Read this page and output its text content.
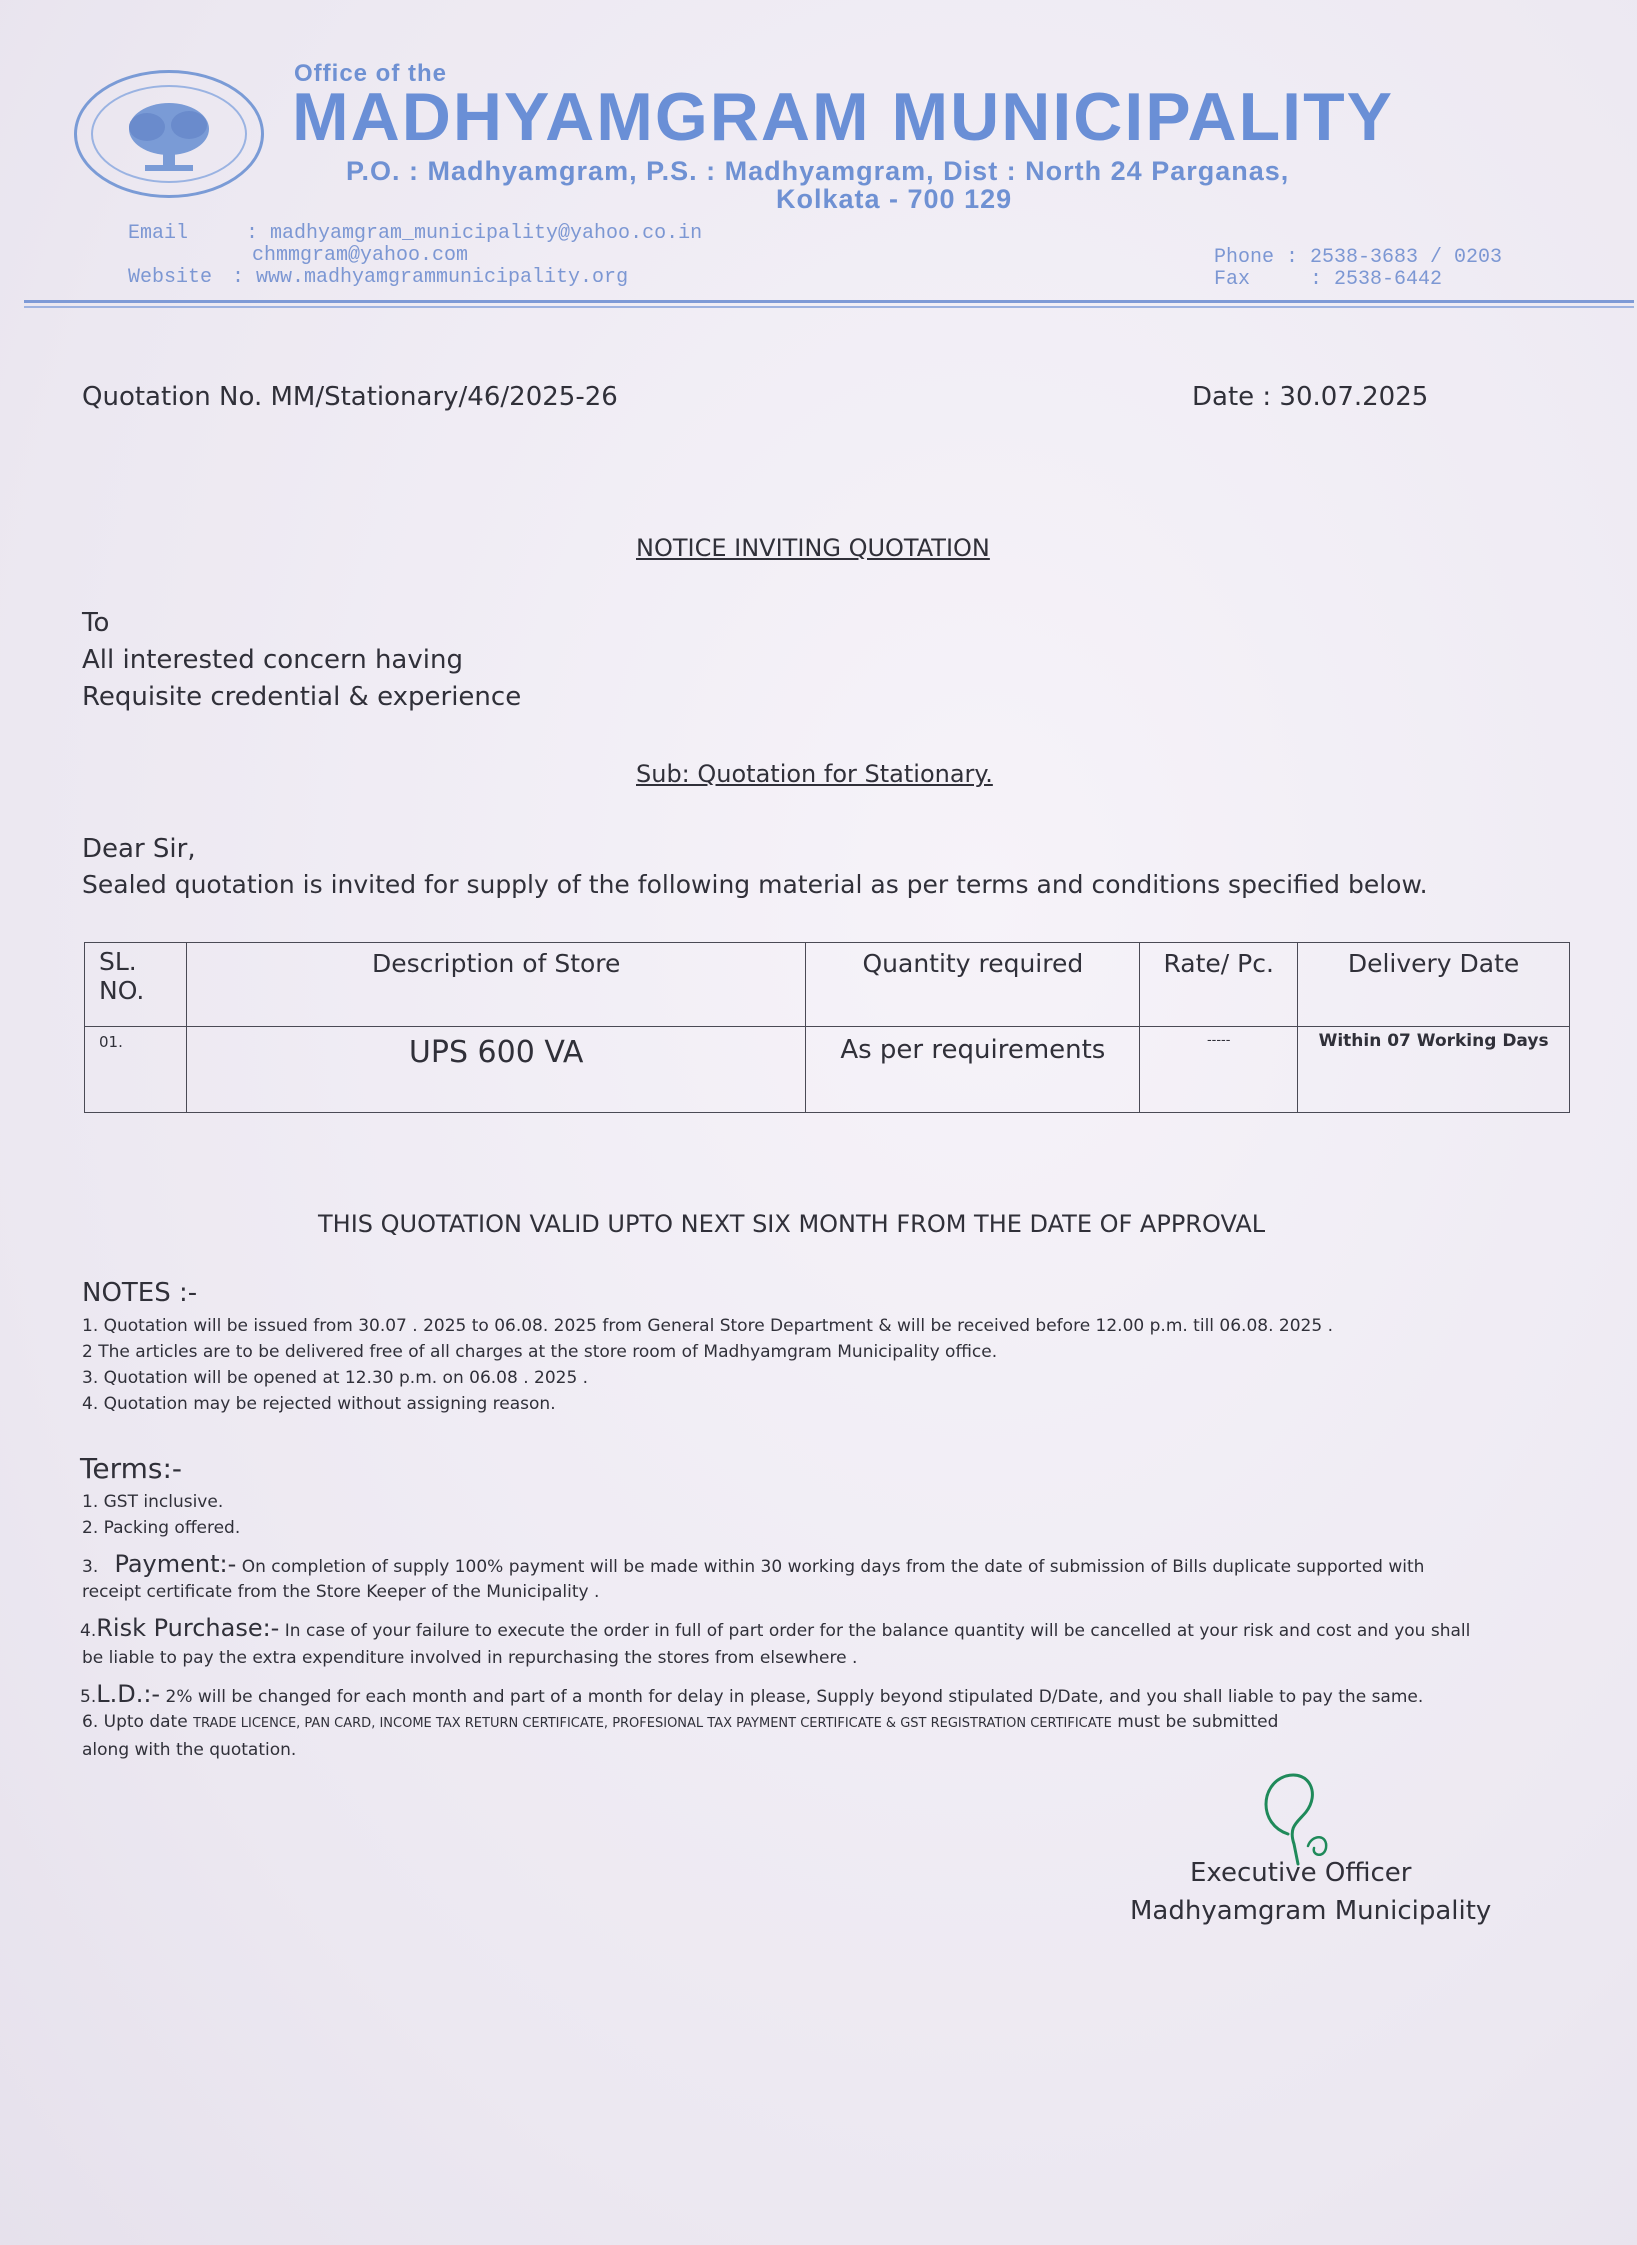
Office of the
MADHYAMGRAM MUNICIPALITY
P.O. : Madhyamgram, P.S. : Madhyamgram, Dist : North 24 Parganas,
Kolkata - 700 129
Email	: madhyamgram_municipality@yahoo.co.in
chmmgram@yahoo.com
Website : www.madhyamgrammunicipality.org
Phone : 2538-3683 / 0203
Fax     : 2538-6442
Quotation No. MM/Stationary/46/2025-26	Date : 30.07.2025
NOTICE INVITING QUOTATION
To
All interested concern having
Requisite credential & experience
Sub: Quotation for Stationary.
Dear Sir,
Sealed quotation is invited for supply of the following material as per terms and conditions specified below.
SL.
NO.	Description of Store	Quantity required	Rate/ Pc.	Delivery Date
01.	UPS 600 VA	As per requirements	-----	Within 07 Working Days
THIS QUOTATION VALID UPTO NEXT SIX MONTH FROM THE DATE OF APPROVAL
NOTES :-
1. Quotation will be issued from 30.07 . 2025 to 06.08. 2025 from General Store Department & will be received before 12.00 p.m. till 06.08. 2025 .
2 The articles are to be delivered free of all charges at the store room of Madhyamgram Municipality office.
3. Quotation will be opened at 12.30 p.m. on 06.08 . 2025 .
4. Quotation may be rejected without assigning reason.
Terms:-
1. GST inclusive.
2. Packing offered.
3. Payment:- On completion of supply 100% payment will be made within 30 working days from the date of submission of Bills duplicate supported with
receipt certificate from the Store Keeper of the Municipality .
4.Risk Purchase:- In case of your failure to execute the order in full of part order for the balance quantity will be cancelled at your risk and cost and you shall
be liable to pay the extra expenditure involved in repurchasing the stores from elsewhere .
5.L.D.:- 2% will be changed for each month and part of a month for delay in please, Supply beyond stipulated D/Date, and you shall liable to pay the same.
6. Upto date TRADE LICENCE, PAN CARD, INCOME TAX RETURN CERTIFICATE, PROFESIONAL TAX PAYMENT CERTIFICATE & GST REGISTRATION CERTIFICATE must be submitted
along with the quotation.
Executive Officer
Madhyamgram Municipality
